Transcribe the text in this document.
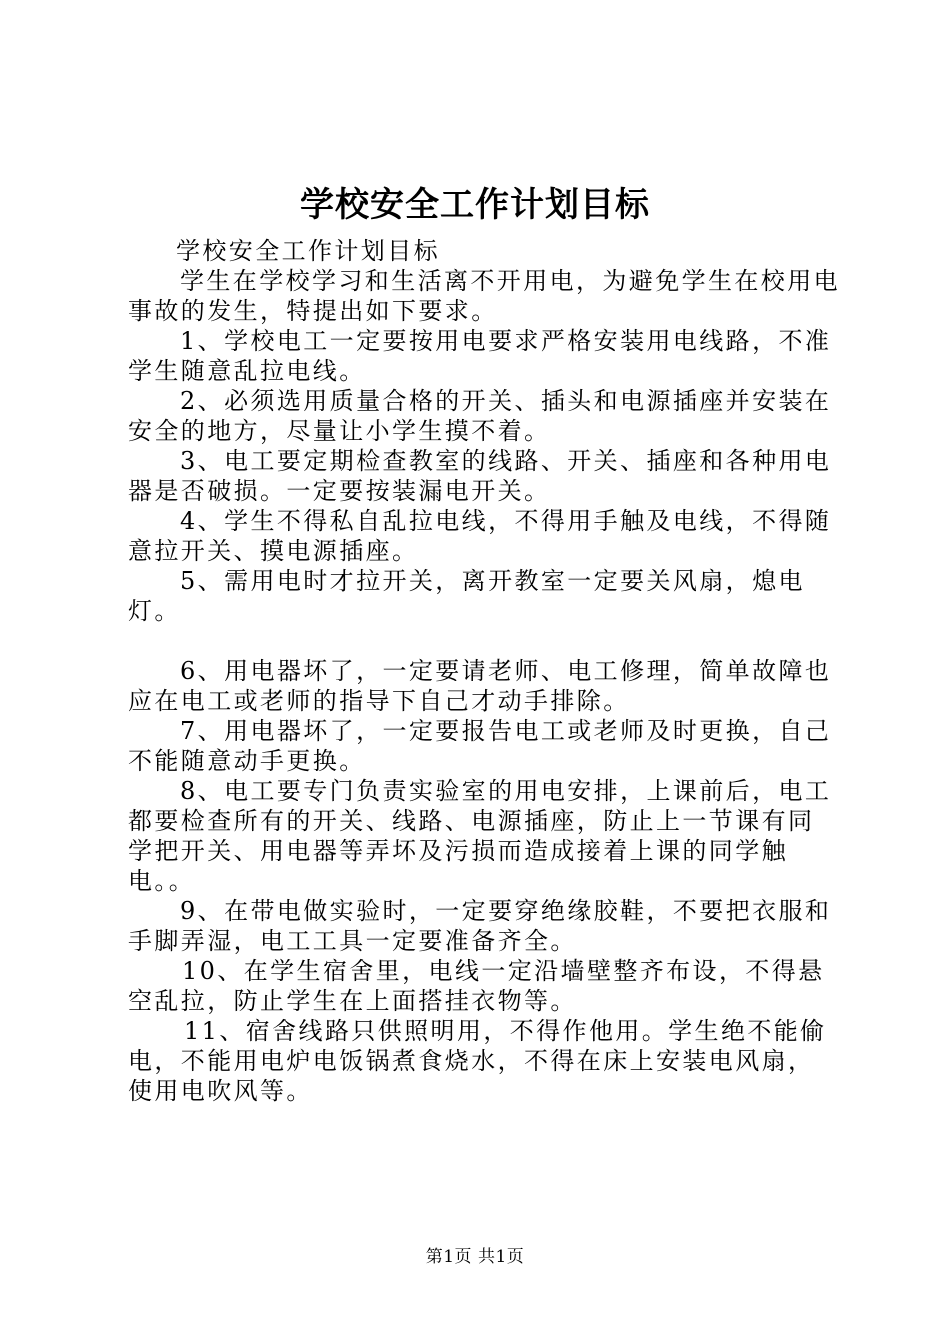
学校安全工作计划目标

学校安全工作计划目标

学生在学校学习和生活离不开用电，为避免学生在校用电事故的发生，特提出如下要求。

1、学校电工一定要按用电要求严格安装用电线路，不准学生随意乱拉电线。

2、必须选用质量合格的开关、插头和电源插座并安装在安全的地方，尽量让小学生摸不着。

3、电工要定期检查教室的线路、开关、插座和各种用电器是否破损。一定要按装漏电开关。

4、学生不得私自乱拉电线，不得用手触及电线，不得随意拉开关、摸电源插座。

5、需用电时才拉开关，离开教室一定要关风扇，熄电灯。

6、用电器坏了，一定要请老师、电工修理，简单故障也应在电工或老师的指导下自己才动手排除。

7、用电器坏了，一定要报告电工或老师及时更换，自己不能随意动手更换。

8、电工要专门负责实验室的用电安排，上课前后，电工都要检查所有的开关、线路、电源插座，防止上一节课有同学把开关、用电器等弄坏及污损而造成接着上课的同学触电。。

9、在带电做实验时，一定要穿绝缘胶鞋，不要把衣服和手脚弄湿，电工工具一定要准备齐全。

10、在学生宿舍里，电线一定沿墙壁整齐布设，不得悬空乱拉，防止学生在上面搭挂衣物等。

11、宿舍线路只供照明用，不得作他用。学生绝不能偷电，不能用电炉电饭锅煮食烧水，不得在床上安装电风扇，使用电吹风等。

第1页 共1页
